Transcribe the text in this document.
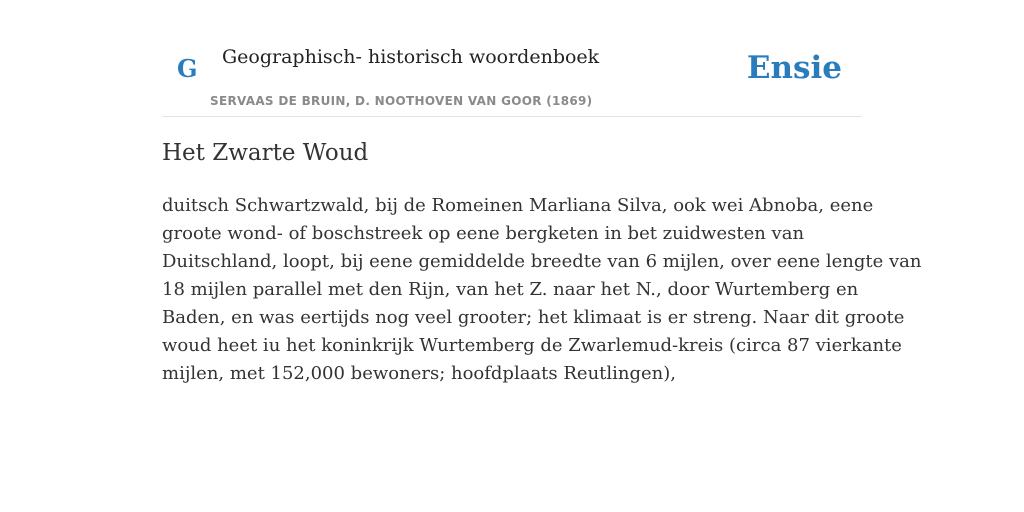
G Geographisch- historisch woordenboek
SERVAAS DE BRUIN, D. NOOTHOVEN VAN GOOR (1869)
Ensie
Het Zwarte Woud

duitsch Schwartzwald, bij de Romeinen Marliana Silva, ook wei Abnoba, eene
groote wond- of boschstreek op eene bergketen in bet zuidwesten van
Duitschland, loopt, bij eene gemiddelde breedte van 6 mijlen, over eene lengte van
18 mijlen parallel met den Rijn, van het Z. naar het N., door Wurtemberg en
Baden, en was eertijds nog veel grooter; het klimaat is er streng. Naar dit groote
woud heet iu het koninkrijk Wurtemberg de Zwarlemud-kreis (circa 87 vierkante
mijlen, met 152,000 bewoners; hoofdplaats Reutlingen),
